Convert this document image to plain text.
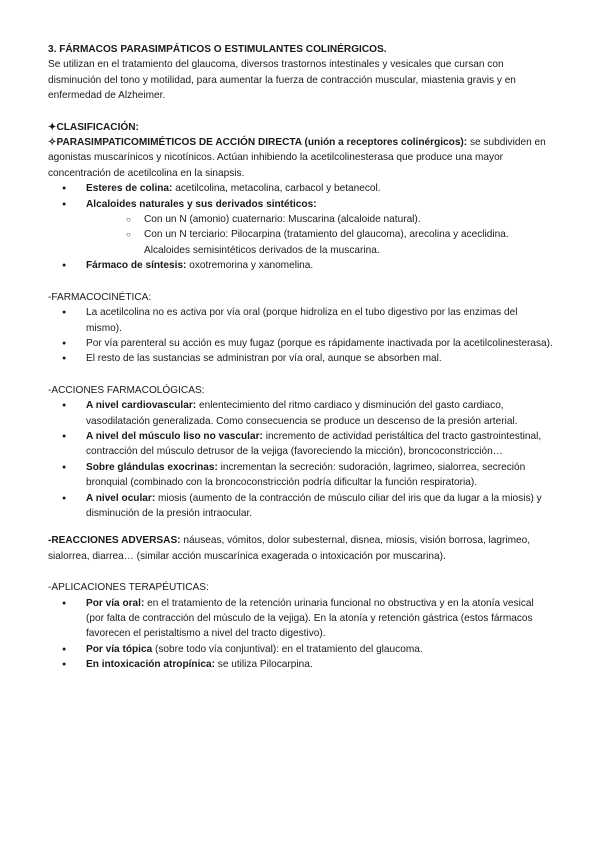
3. FÁRMACOS PARASIMPÁTICOS O ESTIMULANTES COLINÉRGICOS.

Se utilizan en el tratamiento del glaucoma, diversos trastornos intestinales y vesicales que cursan con disminución del tono y motilidad, para aumentar la fuerza de contracción muscular, miastenia gravis y en enfermedad de Alzheimer.

✦CLASIFICACIÓN:

✧PARASIMPATICOMIMÉTICOS DE ACCIÓN DIRECTA (unión a receptores colinérgicos): se subdividen en agonistas muscarínicos y nicotínicos. Actúan inhibiendo la acetilcolinesterasa que produce una mayor concentración de acetilcolina en la sinapsis.

● Esteres de colina: acetilcolina, metacolina, carbacol y betanecol.
● Alcaloides naturales y sus derivados sintéticos:
○ Con un N (amonio) cuaternario: Muscarina (alcaloide natural).
○ Con un N terciario: Pilocarpina (tratamiento del glaucoma), arecolina y aceclidina. Alcaloides semisintéticos derivados de la muscarina.
● Fármaco de síntesis: oxotremorina y xanomelina.

-FARMACOCINÉTICA:

● La acetilcolina no es activa por vía oral (porque hidroliza en el tubo digestivo por las enzimas del mismo).
● Por vía parenteral su acción es muy fugaz (porque es rápidamente inactivada por la acetilcolinesterasa).
● El resto de las sustancias se administran por vía oral, aunque se absorben mal.

-ACCIONES FARMACOLÓGICAS:

● A nivel cardiovascular: enlentecimiento del ritmo cardiaco y disminución del gasto cardiaco, vasodilatación generalizada. Como consecuencia se produce un descenso de la presión arterial.
● A nivel del músculo liso no vascular: incremento de actividad peristáltica del tracto gastrointestinal, contracción del músculo detrusor de la vejiga (favoreciendo la micción), broncoconstricción…
● Sobre glándulas exocrinas: incrementan la secreción: sudoración, lagrimeo, sialorrea, secreción bronquial (combinado con la broncoconstricción podría dificultar la función respiratoria).
● A nivel ocular: miosis (aumento de la contracción de músculo ciliar del iris que da lugar a la miosis) y disminución de la presión intraocular.

-REACCIONES ADVERSAS: náuseas, vómitos, dolor subesternal, disnea, miosis, visión borrosa, lagrimeo, sialorrea, diarrea… (similar acción muscarínica exagerada o intoxicación por muscarina).

-APLICACIONES TERAPÉUTICAS:

● Por vía oral: en el tratamiento de la retención urinaria funcional no obstructiva y en la atonía vesical (por falta de contracción del músculo de la vejiga). En la atonía y retención gástrica (estos fármacos favorecen el peristaltismo a nivel del tracto digestivo).
● Por vía tópica (sobre todo vía conjuntival): en el tratamiento del glaucoma.
● En intoxicación atropínica: se utiliza Pilocarpina.
